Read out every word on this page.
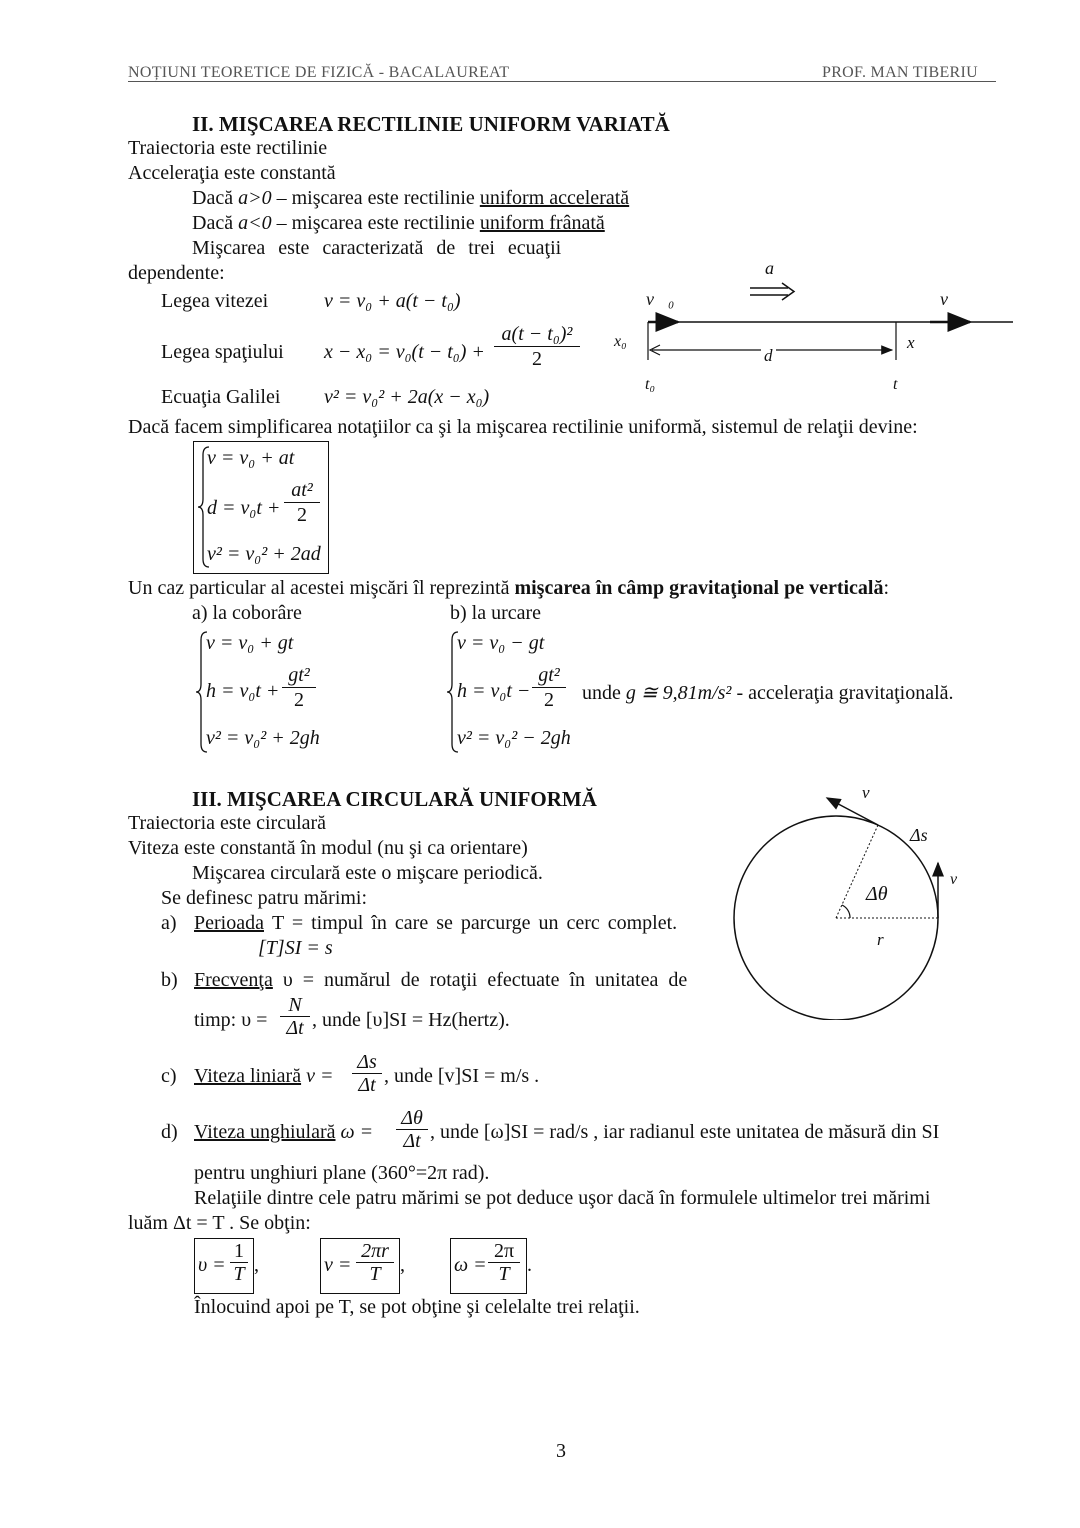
NOȚIUNI TEORETICE DE FIZICĂ - BACALAUREAT	PROF. MAN TIBERIU
II. MIŞCAREA RECTILINIE UNIFORM VARIATĂ
Traiectoria este rectilinie
Acceleraţia este constantă
Dacă a>0 – mişcarea este rectilinie uniform accelerată
Dacă a<0 – mişcarea este rectilinie uniform frânată
Mişcarea este caracterizată de trei ecuaţii
dependente:
Legea vitezei	v = v₀ + a(t − t₀)
Legea spaţiului x − x₀ = v₀(t − t₀) +
a(t − t₀)²
2
Ecuaţia Galilei v² = v₀² + 2a(x − x₀)
a⃗
v⃗₀	v⃗
x₀
d
x
t₀	t
Dacă facem simplificarea notaţiilor ca şi la mişcarea rectilinie uniformă, sistemul de relaţii devine:
v = v₀ + at
d = v₀t +
at²
2
v² = v₀² + 2ad
Un caz particular al acestei mişcări îl reprezintă mişcarea în câmp gravitaţional pe verticală:
a) la coborâre	b) la urcare
v = v₀ + gt
h = v₀t +
gt²
2
v² = v₀² + 2gh
v = v₀ − gt
h = v₀t −
gt²
2
v² = v₀² − 2gh
unde g ≅ 9,81m/s² - acceleraţia gravitaţională.
III. MIŞCAREA CIRCULARĂ UNIFORMĂ
Traiectoria este circulară
Viteza este constantă în modul (nu şi ca orientare)
Mişcarea circulară este o mişcare periodică.
Se definesc patru mărimi:
a) Perioada T = timpul în care se parcurge un cerc complet.
[T]SI = s
b) Frecvenţa υ = numărul de rotaţii efectuate în unitatea de
timp: υ =
N
Δt , unde [υ]SI = Hz(hertz).
c) Viteza liniară v =
Δs
Δt , unde [v]SI = m/s .
d) Viteza unghiulară ω =
Δθ
Δt , unde [ω]SI = rad/s , iar radianul este unitatea de măsură din SI
pentru unghiuri plane (360°=2π rad).
Relaţiile dintre cele patru mărimi se pot deduce uşor dacă în formulele ultimelor trei mărimi
luăm Δt = T . Se obţin:
υ =
1
T ,	v =
2πr
T , ω =
2π
T .
Înlocuind apoi pe T, se pot obţine şi celelalte trei relaţii.
v
Δs
v
Δθ
r
3
